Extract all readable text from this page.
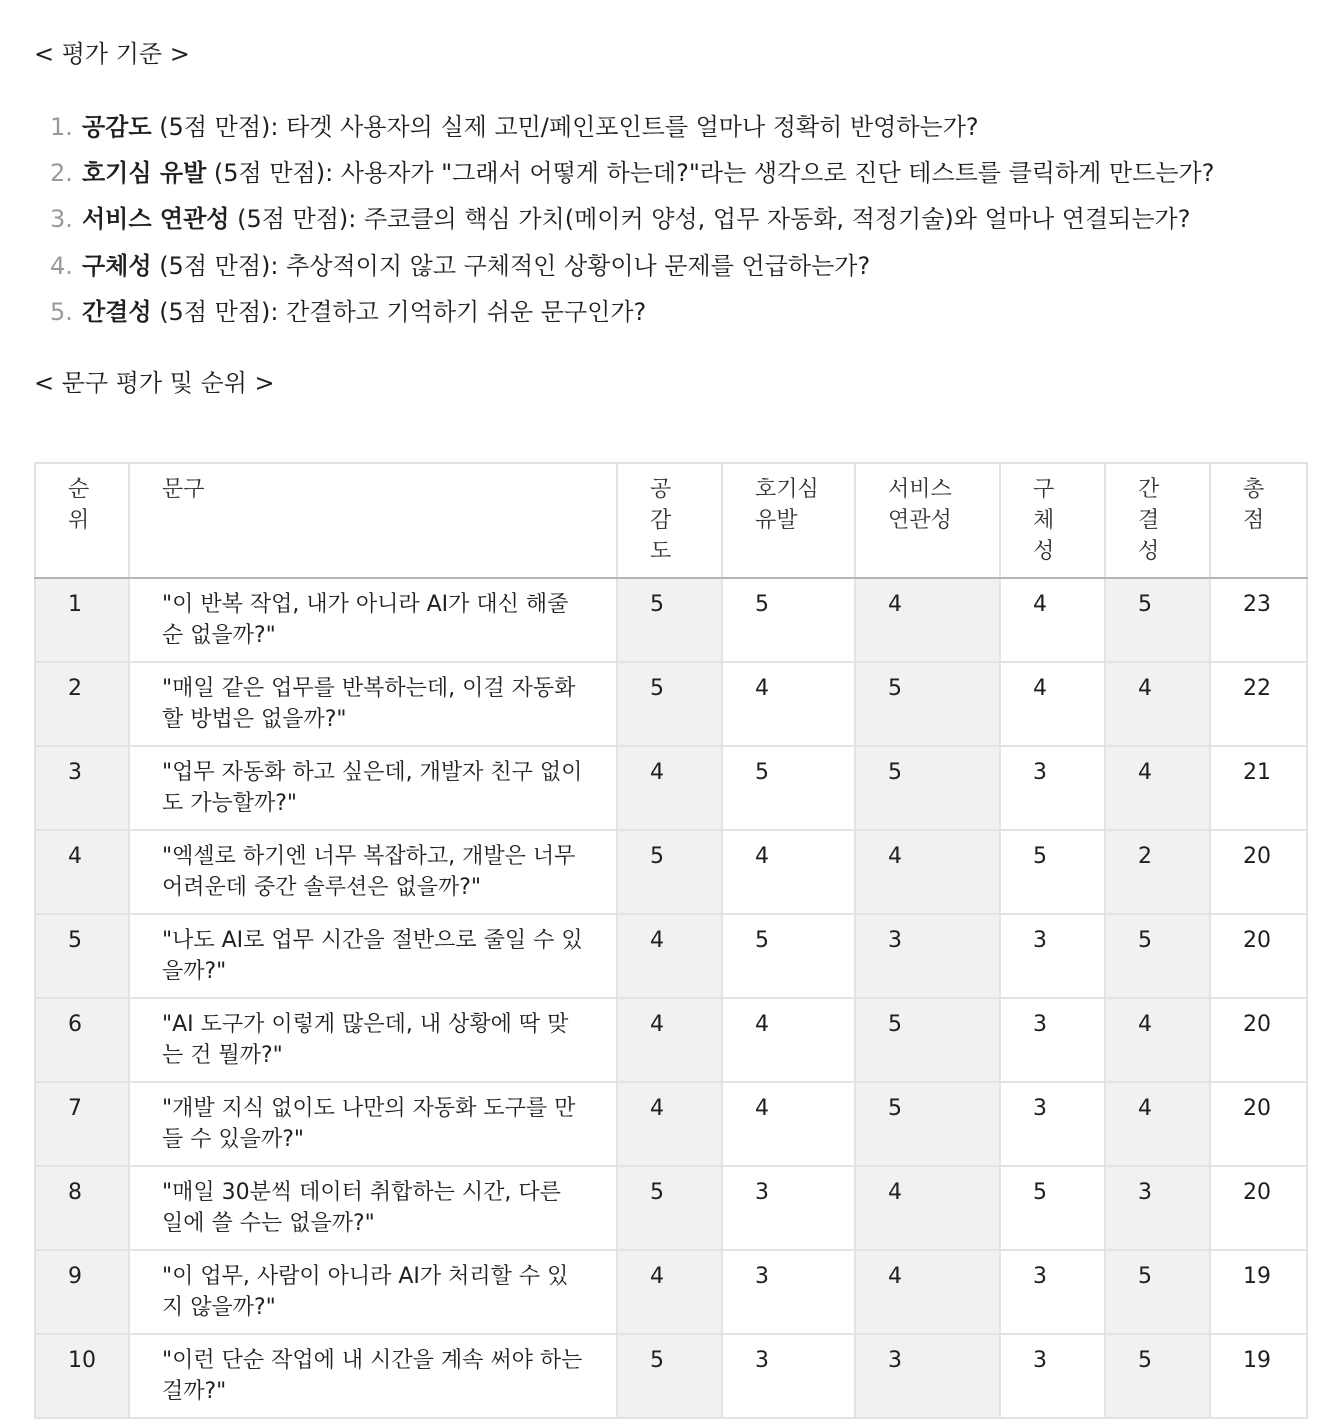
< 평가 기준 >
1. 공감도 (5점 만점): 타겟 사용자의 실제 고민/페인포인트를 얼마나 정확히 반영하는가?
2. 호기심 유발 (5점 만점): 사용자가 "그래서 어떻게 하는데?"라는 생각으로 진단 테스트를 클릭하게 만드는가?
3. 서비스 연관성 (5점 만점): 주코클의 핵심 가치(메이커 양성, 업무 자동화, 적정기술)와 얼마나 연결되는가?
4. 구체성 (5점 만점): 추상적이지 않고 구체적인 상황이나 문제를 언급하는가?
5. 간결성 (5점 만점): 간결하고 기억하기 쉬운 문구인가?
< 문구 평가 및 순위 >
순위	문구	공감도	호기심 유발	서비스 연관성	구체성	간결성	총점
1	"이 반복 작업, 내가 아니라 AI가 대신 해줄 순 없을까?"	5	5	4	4	5	23
2	"매일 같은 업무를 반복하는데, 이걸 자동화할 방법은 없을까?"	5	4	5	4	4	22
3	"업무 자동화 하고 싶은데, 개발자 친구 없이도 가능할까?"	4	5	5	3	4	21
4	"엑셀로 하기엔 너무 복잡하고, 개발은 너무 어려운데 중간 솔루션은 없을까?"	5	4	4	5	2	20
5	"나도 AI로 업무 시간을 절반으로 줄일 수 있을까?"	4	5	3	3	5	20
6	"AI 도구가 이렇게 많은데, 내 상황에 딱 맞는 건 뭘까?"	4	4	5	3	4	20
7	"개발 지식 없이도 나만의 자동화 도구를 만들 수 있을까?"	4	4	5	3	4	20
8	"매일 30분씩 데이터 취합하는 시간, 다른 일에 쓸 수는 없을까?"	5	3	4	5	3	20
9	"이 업무, 사람이 아니라 AI가 처리할 수 있지 않을까?"	4	3	4	3	5	19
10	"이런 단순 작업에 내 시간을 계속 써야 하는 걸까?"	5	3	3	3	5	19
